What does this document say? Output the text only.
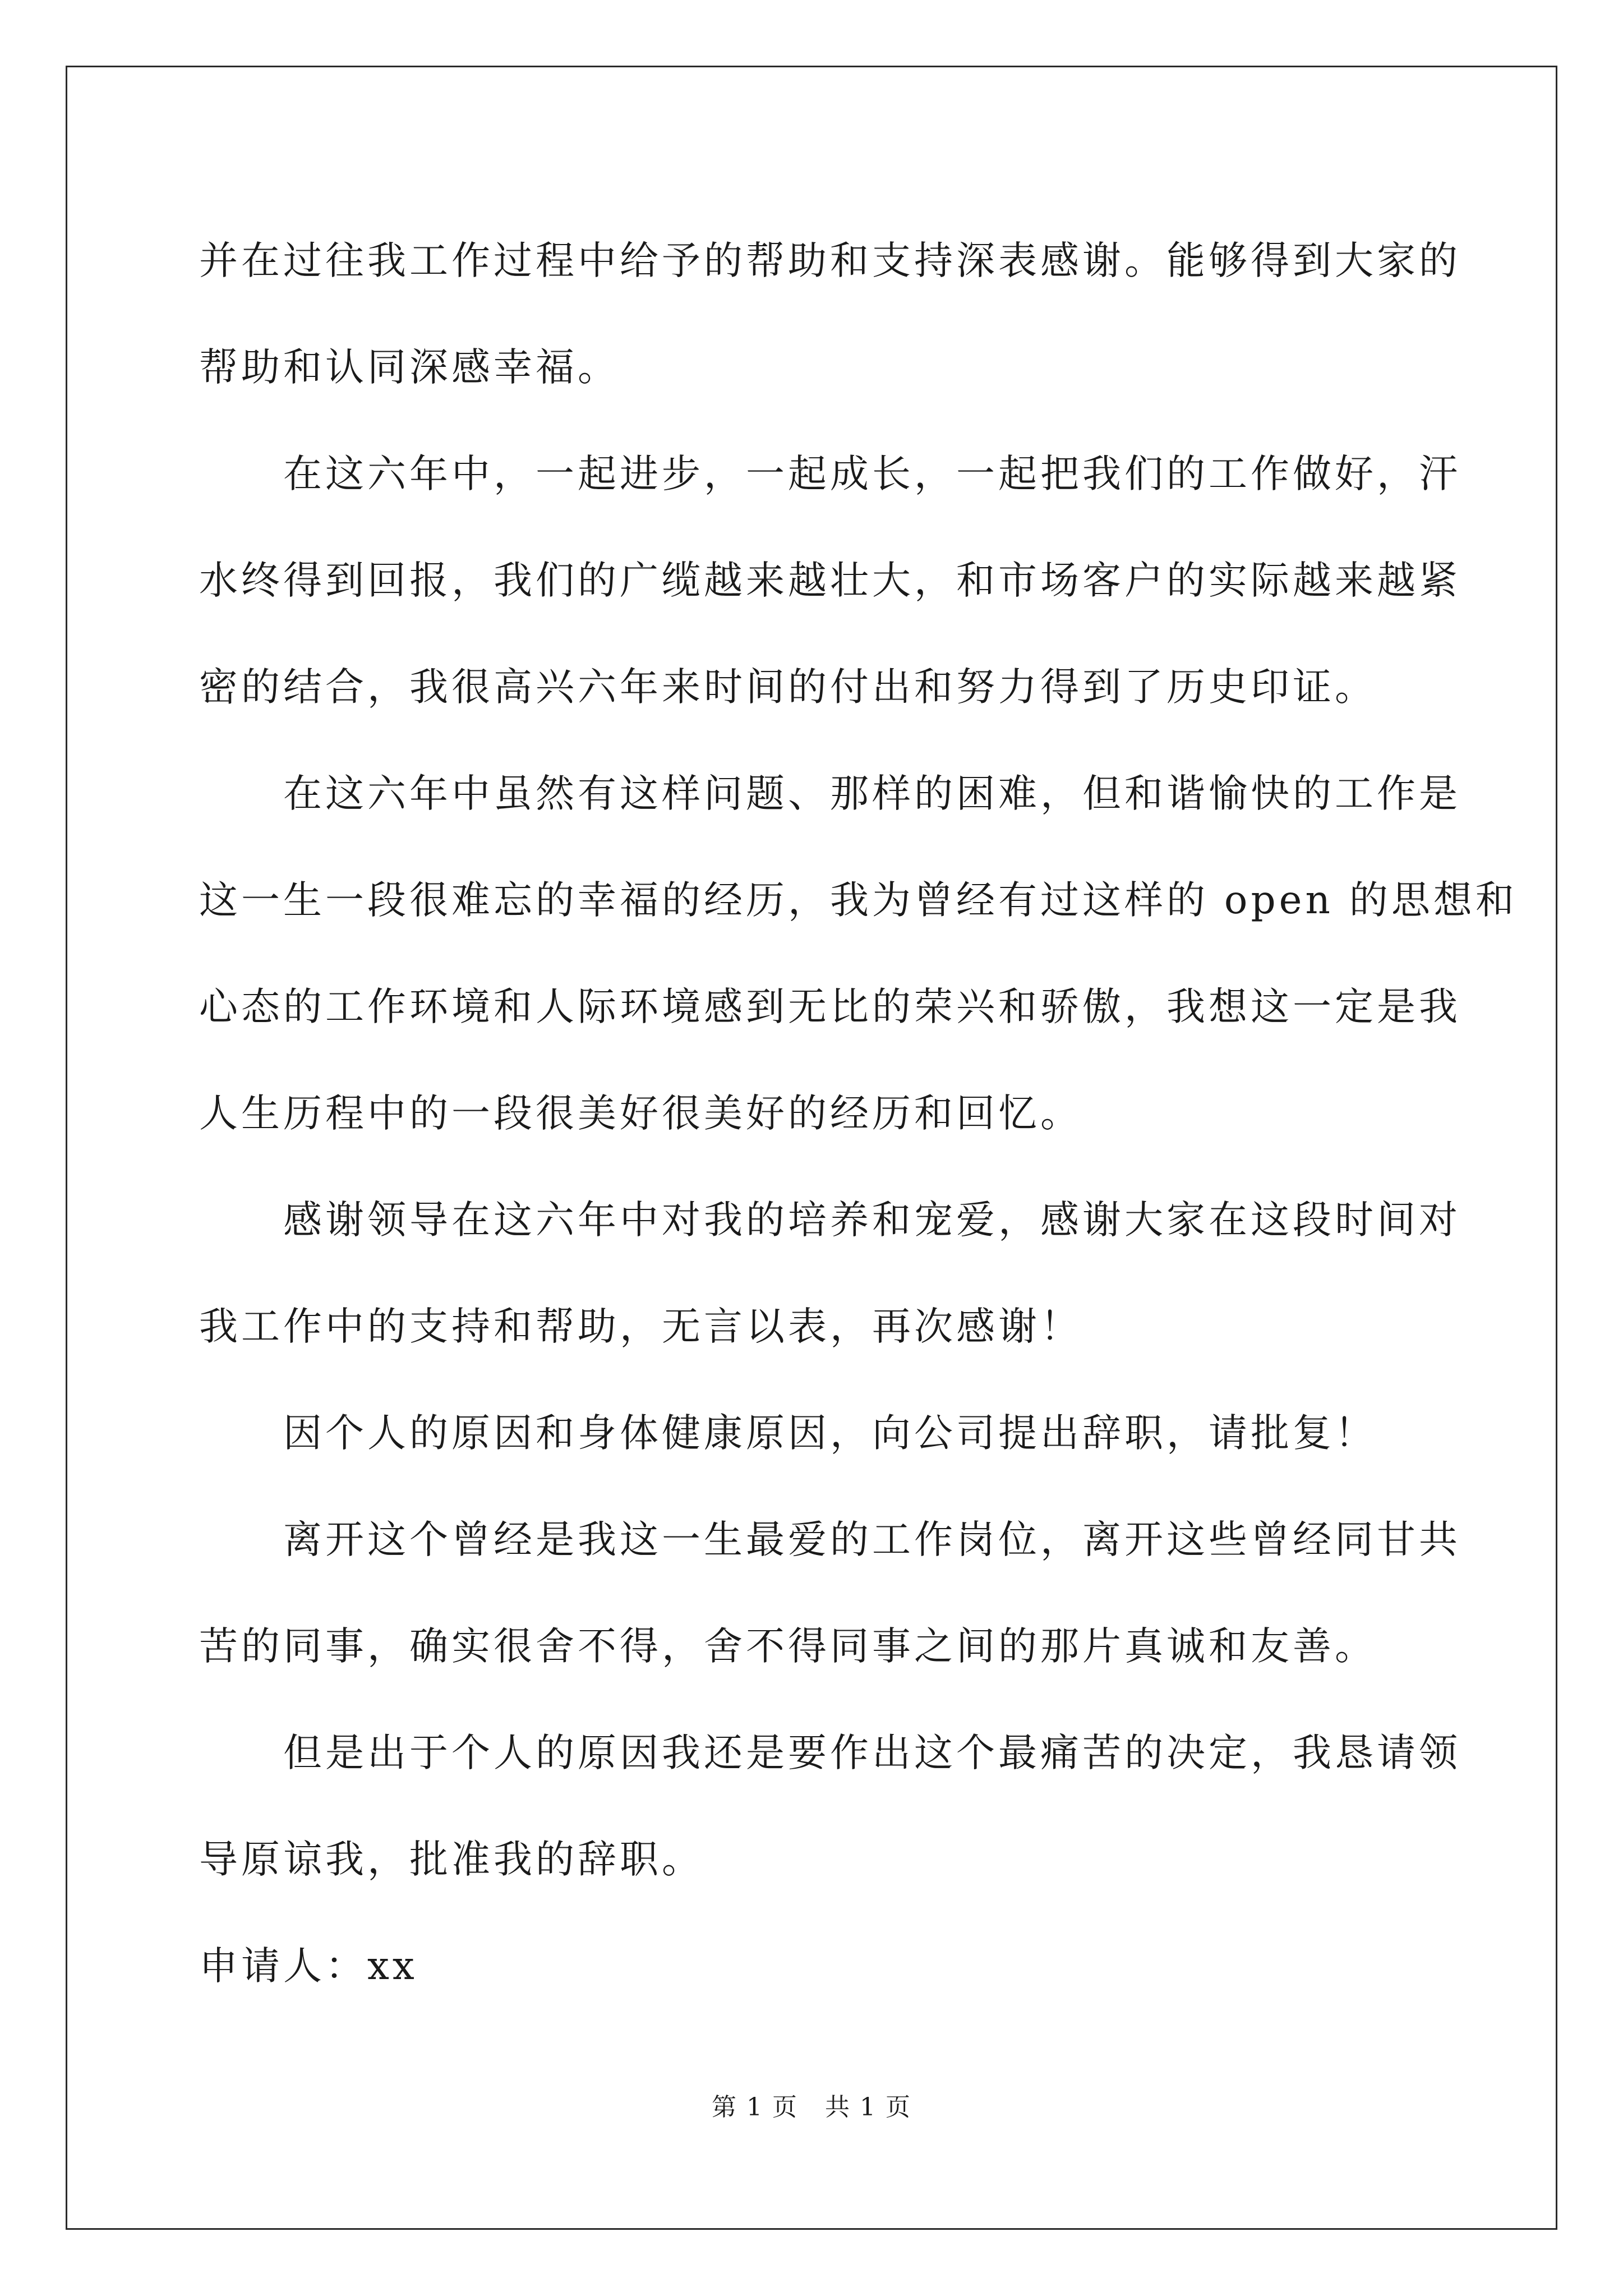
并在过往我工作过程中给予的帮助和支持深表感谢。能够得到大家的

帮助和认同深感幸福。

在这六年中，一起进步，一起成长，一起把我们的工作做好，汗

水终得到回报，我们的广缆越来越壮大，和市场客户的实际越来越紧

密的结合，我很高兴六年来时间的付出和努力得到了历史印证。

在这六年中虽然有这样问题、那样的困难，但和谐愉快的工作是

这一生一段很难忘的幸福的经历，我为曾经有过这样的 open 的思想和

心态的工作环境和人际环境感到无比的荣兴和骄傲，我想这一定是我

人生历程中的一段很美好很美好的经历和回忆。

感谢领导在这六年中对我的培养和宠爱，感谢大家在这段时间对

我工作中的支持和帮助，无言以表，再次感谢！

因个人的原因和身体健康原因，向公司提出辞职，请批复！

离开这个曾经是我这一生最爱的工作岗位，离开这些曾经同甘共

苦的同事，确实很舍不得，舍不得同事之间的那片真诚和友善。

但是出于个人的原因我还是要作出这个最痛苦的决定，我恳请领

导原谅我，批准我的辞职。

申请人：xx

第 1 页   共 1 页
